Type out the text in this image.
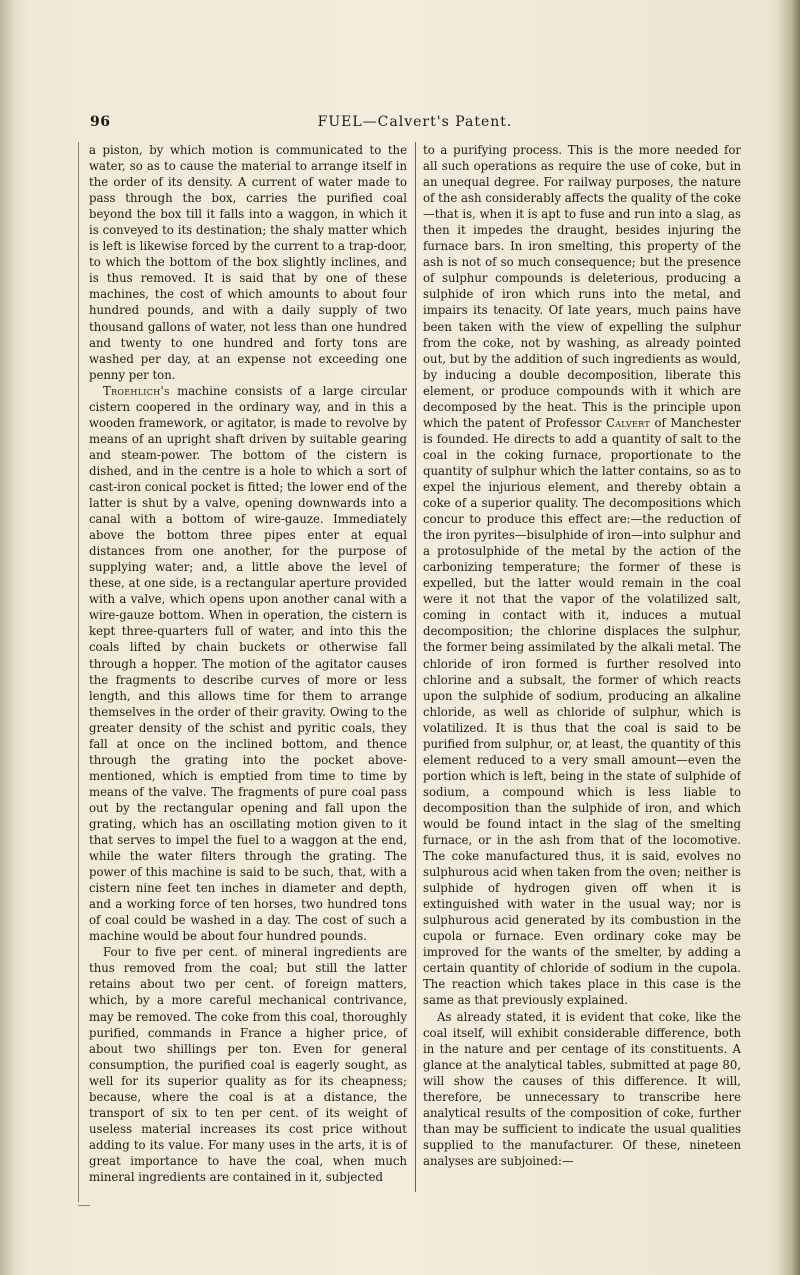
96	FUEL—Calvert's Patent.

a piston, by which motion is communicated to the water, so as to cause the material to arrange itself in the order of its density. A current of water made to pass through the box, carries the purified coal beyond the box till it falls into a waggon, in which it is conveyed to its destination; the shaly matter which is left is likewise forced by the current to a trap-door, to which the bottom of the box slightly inclines, and is thus removed. It is said that by one of these machines, the cost of which amounts to about four hundred pounds, and with a daily supply of two thousand gallons of water, not less than one hundred and twenty to one hundred and forty tons are washed per day, at an expense not exceeding one penny per ton.

Troehlich's machine consists of a large circular cistern coopered in the ordinary way, and in this a wooden framework, or agitator, is made to revolve by means of an upright shaft driven by suitable gearing and steam-power. The bottom of the cistern is dished, and in the centre is a hole to which a sort of cast-iron conical pocket is fitted; the lower end of the latter is shut by a valve, opening downwards into a canal with a bottom of wire-gauze. Immediately above the bottom three pipes enter at equal distances from one another, for the purpose of supplying water; and, a little above the level of these, at one side, is a rectangular aperture provided with a valve, which opens upon another canal with a wire-gauze bottom. When in operation, the cistern is kept three-quarters full of water, and into this the coals lifted by chain buckets or otherwise fall through a hopper. The motion of the agitator causes the fragments to describe curves of more or less length, and this allows time for them to arrange themselves in the order of their gravity. Owing to the greater density of the schist and pyritic coals, they fall at once on the inclined bottom, and thence through the grating into the pocket above-mentioned, which is emptied from time to time by means of the valve. The fragments of pure coal pass out by the rectangular opening and fall upon the grating, which has an oscillating motion given to it that serves to impel the fuel to a waggon at the end, while the water filters through the grating. The power of this machine is said to be such, that, with a cistern nine feet ten inches in diameter and depth, and a working force of ten horses, two hundred tons of coal could be washed in a day. The cost of such a machine would be about four hundred pounds.

Four to five per cent. of mineral ingredients are thus removed from the coal; but still the latter retains about two per cent. of foreign matters, which, by a more careful mechanical contrivance, may be removed. The coke from this coal, thoroughly purified, commands in France a higher price, of about two shillings per ton. Even for general consumption, the purified coal is eagerly sought, as well for its superior quality as for its cheapness; because, where the coal is at a distance, the transport of six to ten per cent. of its weight of useless material increases its cost price without adding to its value. For many uses in the arts, it is of great importance to have the coal, when much mineral ingredients are contained in it, subjected

to a purifying process. This is the more needed for all such operations as require the use of coke, but in an unequal degree. For railway purposes, the nature of the ash considerably affects the quality of the coke—that is, when it is apt to fuse and run into a slag, as then it impedes the draught, besides injuring the furnace bars. In iron smelting, this property of the ash is not of so much consequence; but the presence of sulphur compounds is deleterious, producing a sulphide of iron which runs into the metal, and impairs its tenacity. Of late years, much pains have been taken with the view of expelling the sulphur from the coke, not by washing, as already pointed out, but by the addition of such ingredients as would, by inducing a double decomposition, liberate this element, or produce compounds with it which are decomposed by the heat. This is the principle upon which the patent of Professor Calvert of Manchester is founded. He directs to add a quantity of salt to the coal in the coking furnace, proportionate to the quantity of sulphur which the latter contains, so as to expel the injurious element, and thereby obtain a coke of a superior quality. The decompositions which concur to produce this effect are:—the reduction of the iron pyrites—bisulphide of iron—into sulphur and a protosulphide of the metal by the action of the carbonizing temperature; the former of these is expelled, but the latter would remain in the coal were it not that the vapor of the volatilized salt, coming in contact with it, induces a mutual decomposition; the chlorine displaces the sulphur, the former being assimilated by the alkali metal. The chloride of iron formed is further resolved into chlorine and a subsalt, the former of which reacts upon the sulphide of sodium, producing an alkaline chloride, as well as chloride of sulphur, which is volatilized. It is thus that the coal is said to be purified from sulphur, or, at least, the quantity of this element reduced to a very small amount—even the portion which is left, being in the state of sulphide of sodium, a compound which is less liable to decomposition than the sulphide of iron, and which would be found intact in the slag of the smelting furnace, or in the ash from that of the locomotive. The coke manufactured thus, it is said, evolves no sulphurous acid when taken from the oven; neither is sulphide of hydrogen given off when it is extinguished with water in the usual way; nor is sulphurous acid generated by its combustion in the cupola or furnace. Even ordinary coke may be improved for the wants of the smelter, by adding a certain quantity of chloride of sodium in the cupola. The reaction which takes place in this case is the same as that previously explained.

As already stated, it is evident that coke, like the coal itself, will exhibit considerable difference, both in the nature and per centage of its constituents. A glance at the analytical tables, submitted at page 80, will show the causes of this difference. It will, therefore, be unnecessary to transcribe here analytical results of the composition of coke, further than may be sufficient to indicate the usual qualities supplied to the manufacturer. Of these, nineteen analyses are subjoined:—
